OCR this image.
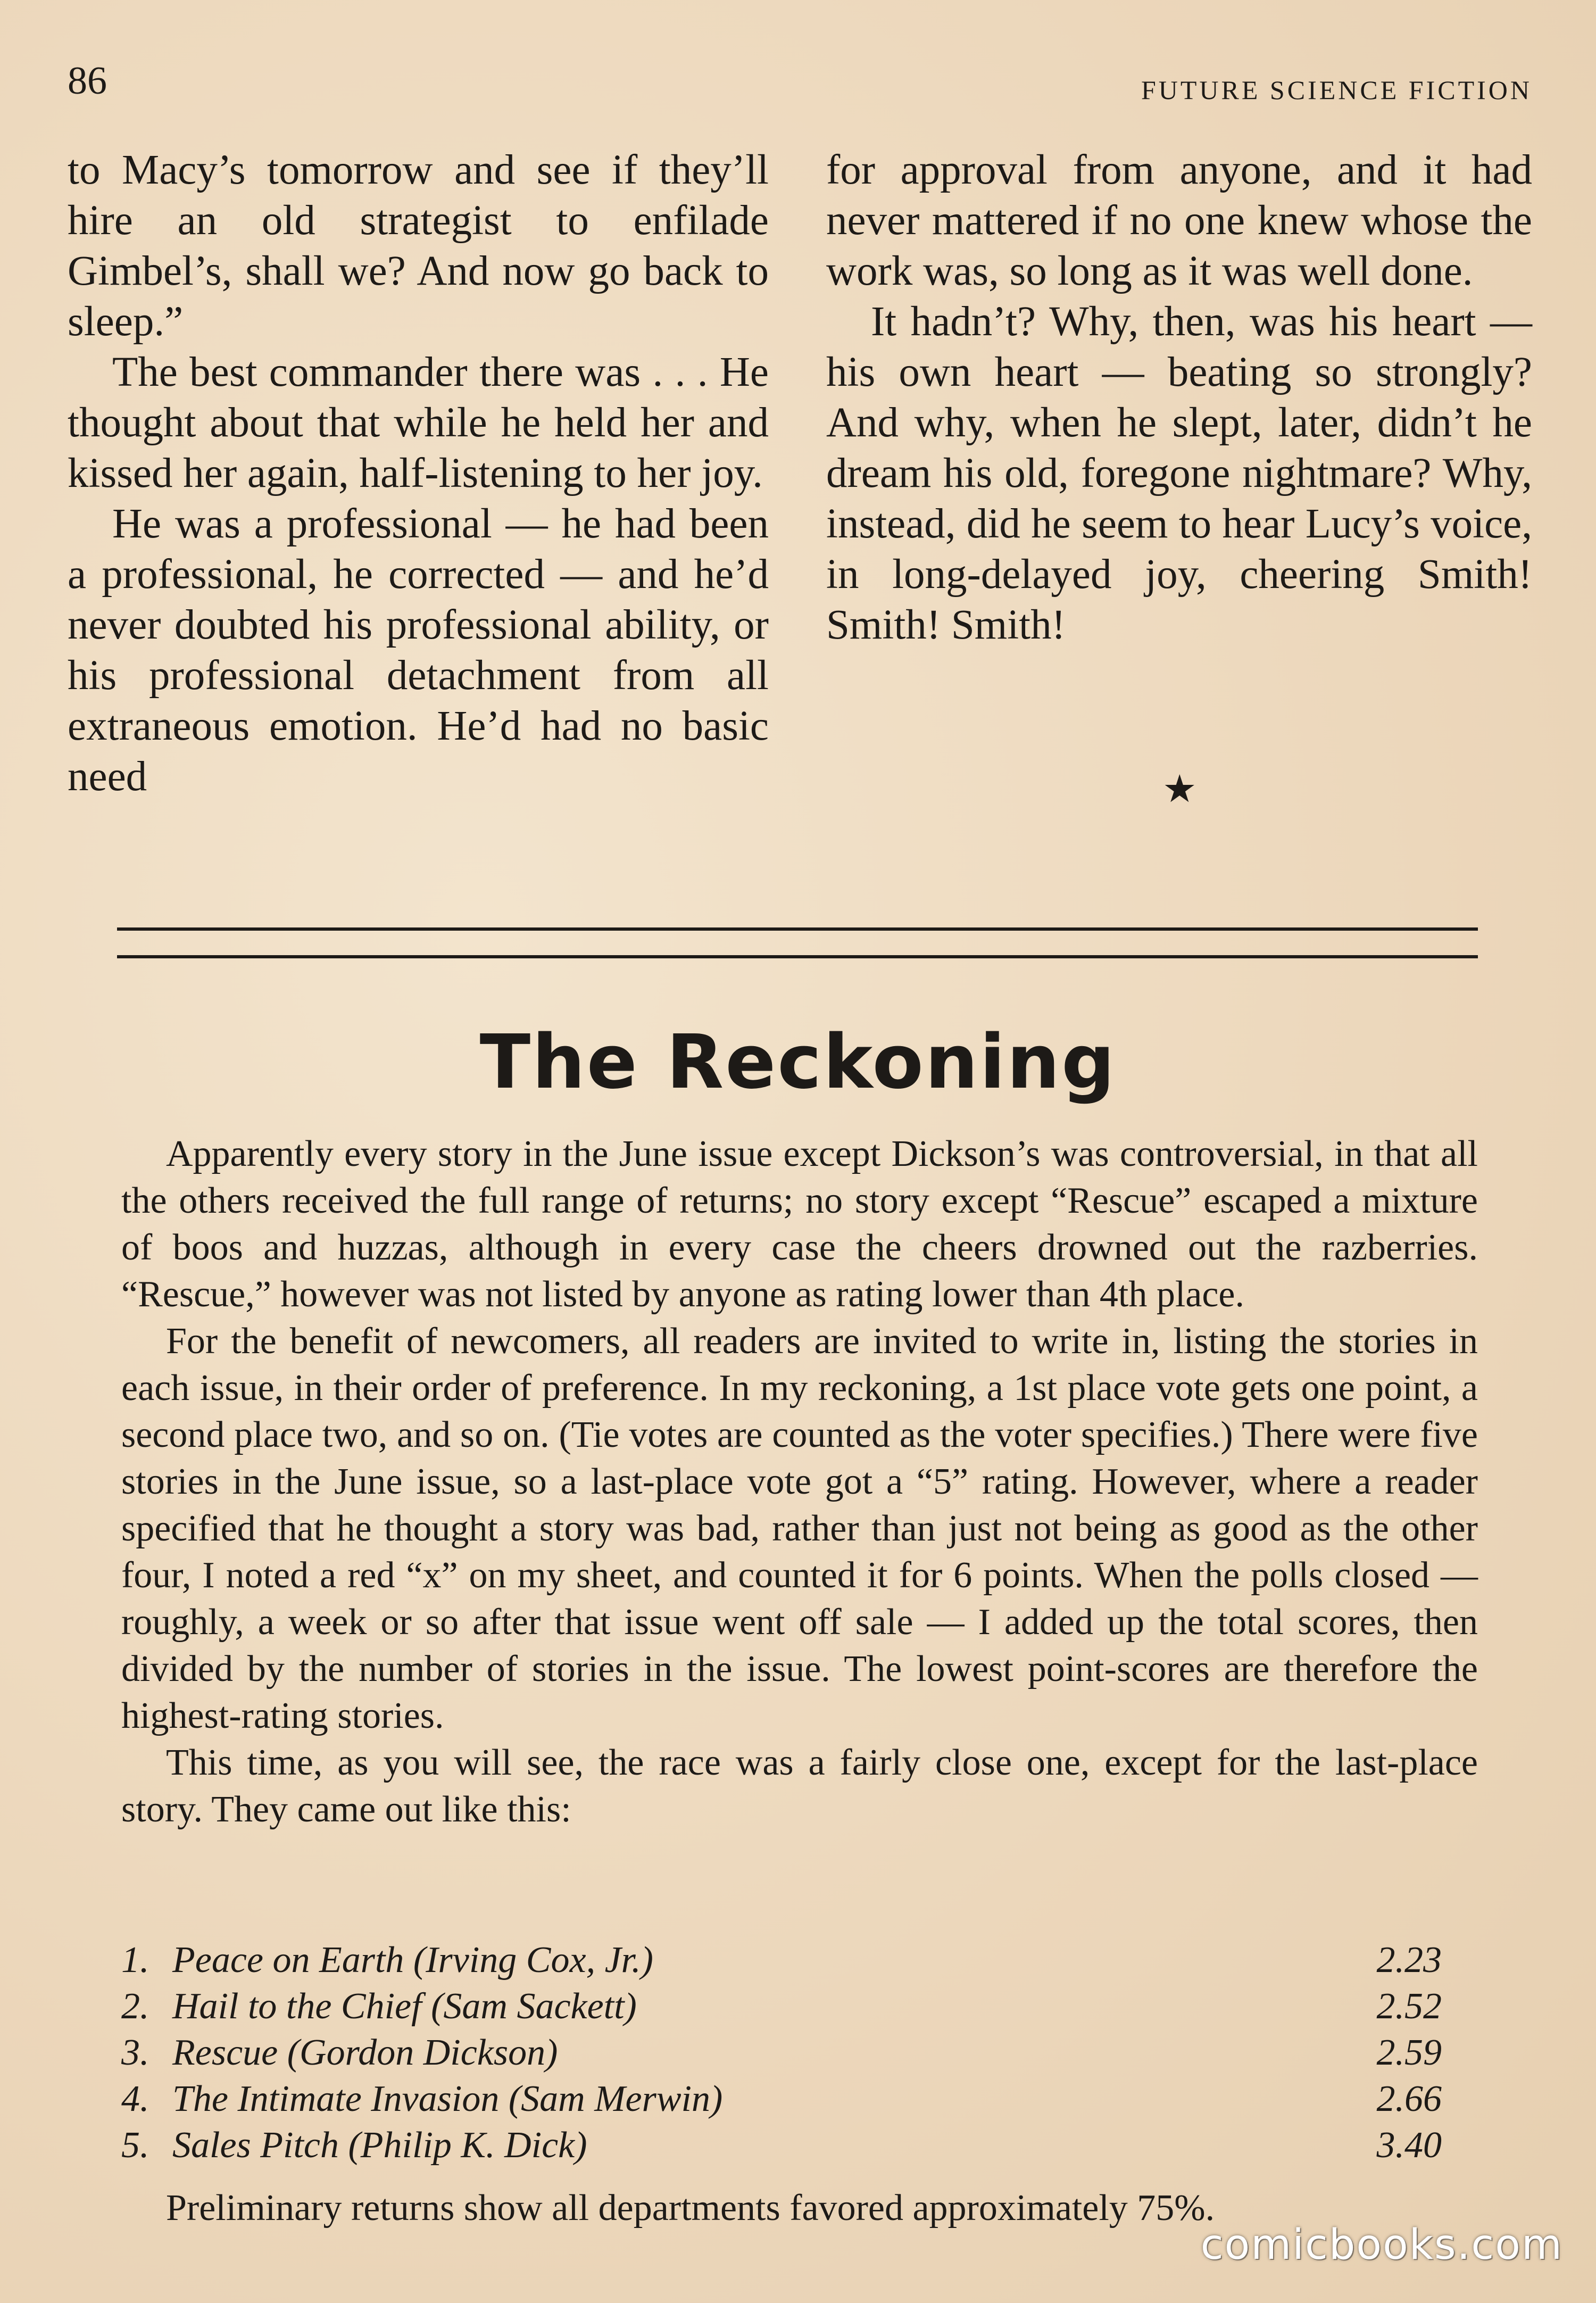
86	FUTURE SCIENCE FICTION

to Macy’s tomorrow and see if they’ll hire an old strategist to enfilade Gimbel’s, shall we? And now go back to sleep.”

The best commander there was . . . He thought about that while he held her and kissed her again, half-listening to her joy.

He was a professional — he had been a professional, he corrected — and he’d never doubted his professional ability, or his professional detachment from all extraneous emotion. He’d had no basic need

for approval from anyone, and it had never mattered if no one knew whose the work was, so long as it was well done.

It hadn’t? Why, then, was his heart — his own heart — beating so strongly? And why, when he slept, later, didn’t he dream his old, foregone nightmare? Why, instead, did he seem to hear Lucy’s voice, in long-delayed joy, cheering Smith! Smith! Smith!

★
The Reckoning

Apparently every story in the June issue except Dickson’s was controversial, in that all the others received the full range of returns; no story except “Rescue” escaped a mixture of boos and huzzas, although in every case the cheers drowned out the razberries. “Rescue,” however was not listed by anyone as rating lower than 4th place.

For the benefit of newcomers, all readers are invited to write in, listing the stories in each issue, in their order of preference. In my reckoning, a 1st place vote gets one point, a second place two, and so on. (Tie votes are counted as the voter specifies.) There were five stories in the June issue, so a last-place vote got a “5” rating. However, where a reader specified that he thought a story was bad, rather than just not being as good as the other four, I noted a red “x” on my sheet, and counted it for 6 points. When the polls closed — roughly, a week or so after that issue went off sale — I added up the total scores, then divided by the number of stories in the issue. The lowest point-scores are therefore the highest-rating stories.

This time, as you will see, the race was a fairly close one, except for the last-place story. They came out like this:

1. Peace on Earth (Irving Cox, Jr.)	2.23
2. Hail to the Chief (Sam Sackett)	2.52
3. Rescue (Gordon Dickson)	2.59
4. The Intimate Invasion (Sam Merwin)	2.66
5. Sales Pitch (Philip K. Dick)	3.40
Preliminary returns show all departments favored approximately 75%.
comicbooks.com
